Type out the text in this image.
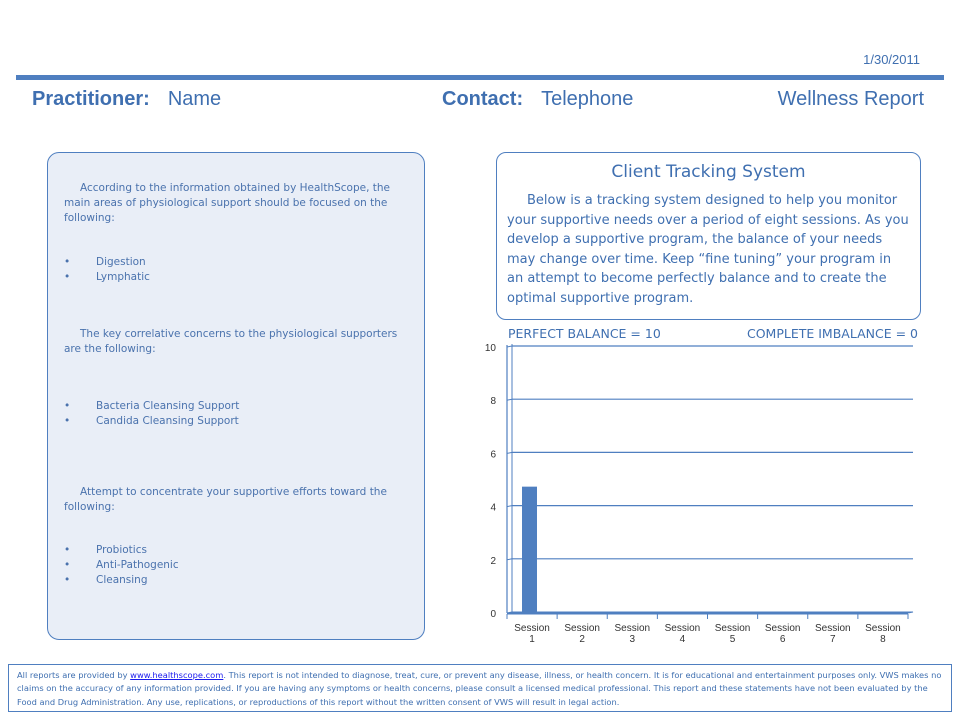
1/30/2011
Practitioner: Name	Contact: Telephone	Wellness Report
According to the information obtained by HealthScope, the main areas of physiological support should be focused on the following:
• Digestion
• Lymphatic
The key correlative concerns to the physiological supporters are the following:
• Bacteria Cleansing Support
• Candida Cleansing Support
Attempt to concentrate your supportive efforts toward the following:
• Probiotics
• Anti-Pathogenic
• Cleansing
Client Tracking System
Below is a tracking system designed to help you monitor your supportive needs over a period of eight sessions. As you develop a supportive program, the balance of your needs may change over time. Keep “fine tuning” your program in an attempt to become perfectly balance and to create the optimal supportive program.
PERFECT BALANCE = 10	COMPLETE IMBALANCE = 0
0
2
4
6
8
10
Session
1
Session
2
Session
3
Session
4
Session
5
Session
6
Session
7
Session
8
All reports are provided by www.healthscope.com. This report is not intended to diagnose, treat, cure, or prevent any disease, illness, or health concern. It is for educational and entertainment purposes only. VWS makes no claims on the accuracy of any information provided. If you are having any symptoms or health concerns, please consult a licensed medical professional. This report and these statements have not been evaluated by the Food and Drug Administration. Any use, replications, or reproductions of this report without the written consent of VWS will result in legal action.
